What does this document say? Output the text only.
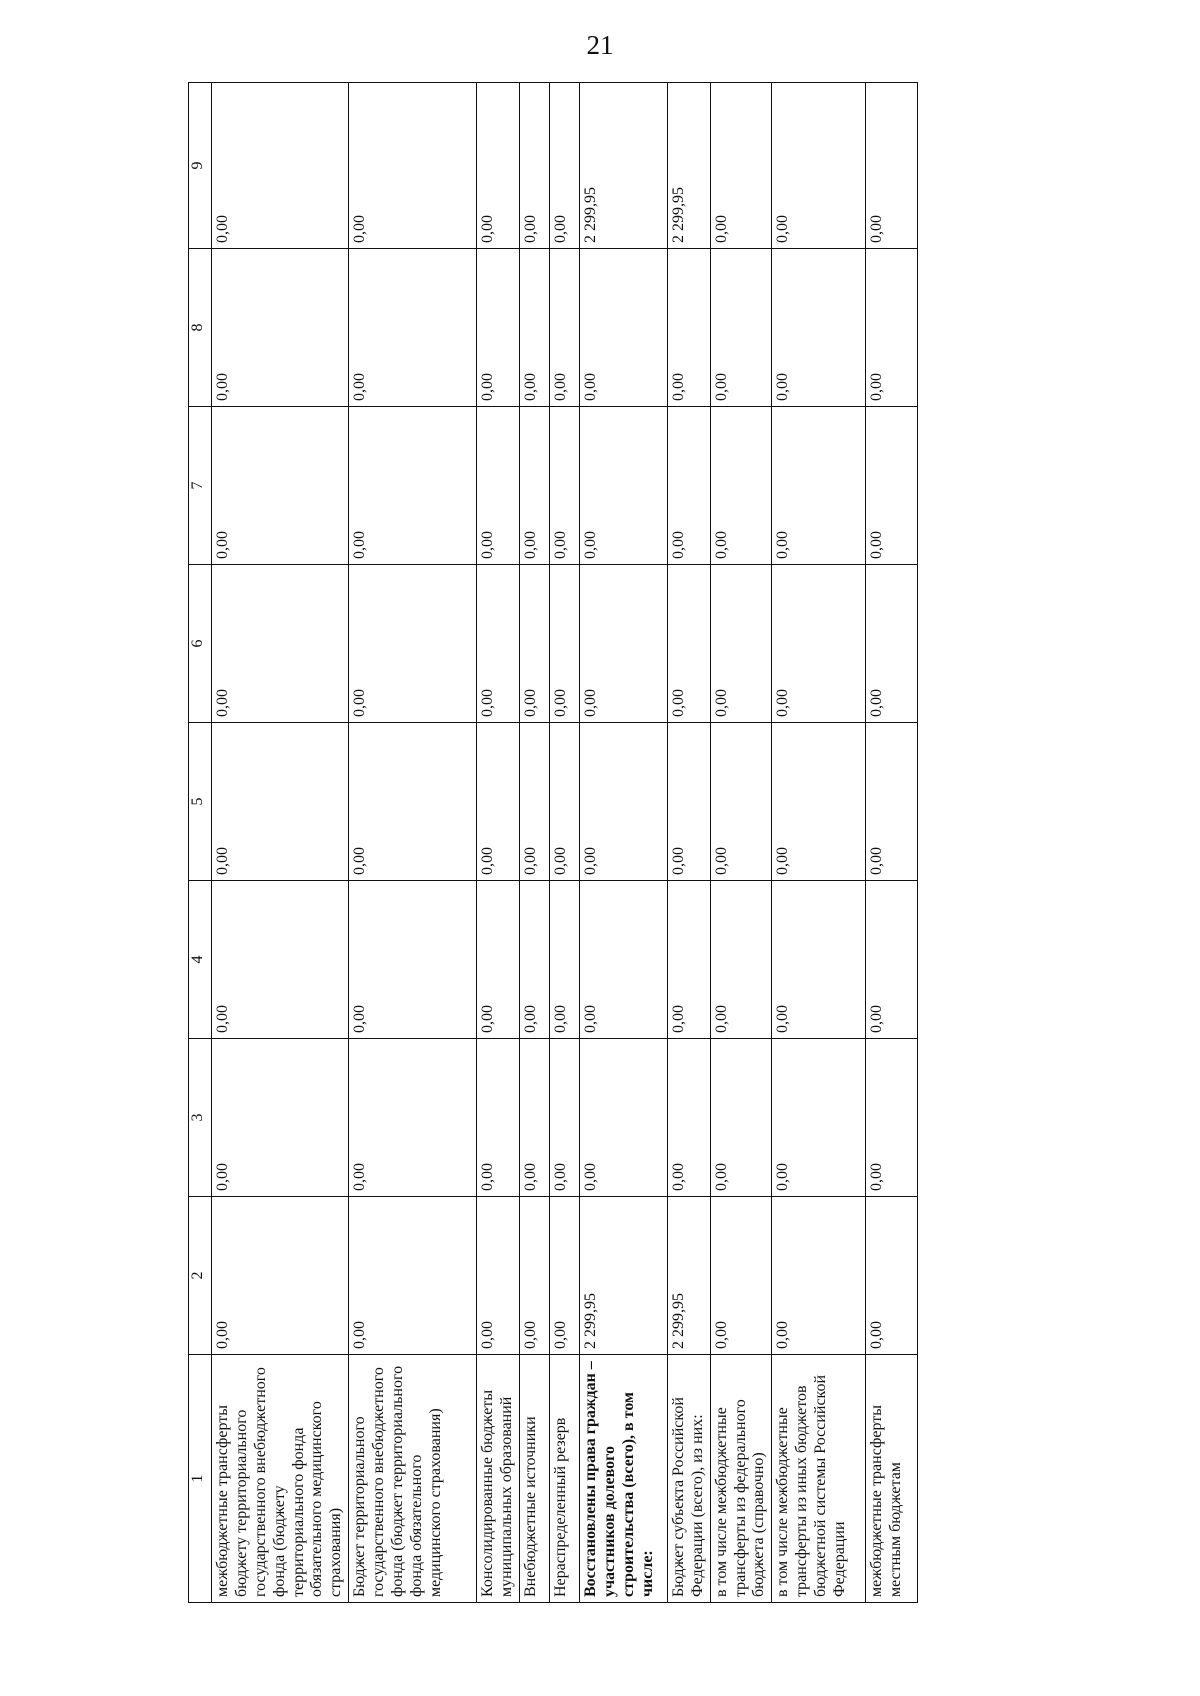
21
1	2	3	4	5	6	7	8	9
межбюджетные трансферты бюджету территориального государственного внебюджетного фонда (бюджету территориального фонда обязательного медицинского страхования)	0,00	0,00	0,00	0,00	0,00	0,00	0,00	0,00
Бюджет территориального государственного внебюджетного фонда (бюджет территориального фонда обязательного медицинского страхования)	0,00	0,00	0,00	0,00	0,00	0,00	0,00	0,00
Консолидированные бюджеты муниципальных образований	0,00	0,00	0,00	0,00	0,00	0,00	0,00	0,00
Внебюджетные источники	0,00	0,00	0,00	0,00	0,00	0,00	0,00	0,00
Нераспределенный резерв	0,00	0,00	0,00	0,00	0,00	0,00	0,00	0,00
Восстановлены права граждан – участников долевого строительства (всего), в том числе:	2 299,95	0,00	0,00	0,00	0,00	0,00	0,00	2 299,95
Бюджет субъекта Российской Федерации (всего), из них:	2 299,95	0,00	0,00	0,00	0,00	0,00	0,00	2 299,95
в том числе межбюджетные трансферты из федерального бюджета (справочно)	0,00	0,00	0,00	0,00	0,00	0,00	0,00	0,00
в том числе межбюджетные трансферты из иных бюджетов бюджетной системы Российской Федерации	0,00	0,00	0,00	0,00	0,00	0,00	0,00	0,00
межбюджетные трансферты местным бюджетам	0,00	0,00	0,00	0,00	0,00	0,00	0,00	0,00
